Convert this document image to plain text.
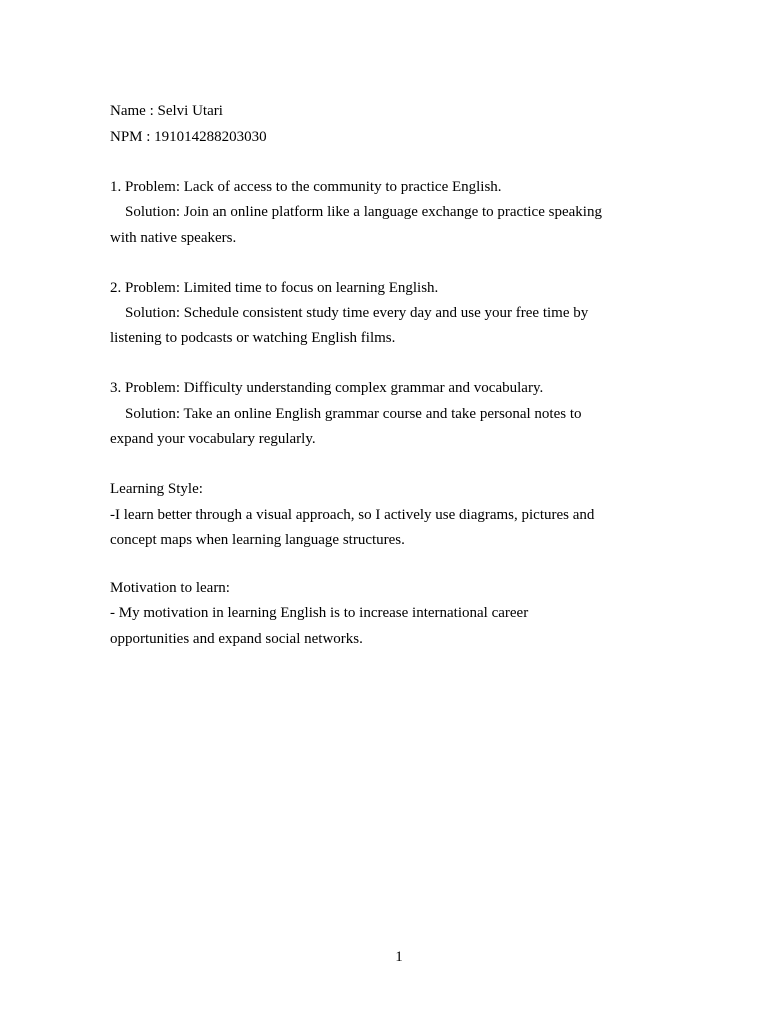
Name : Selvi Utari
NPM : 191014288203030
1. Problem: Lack of access to the community to practice English.
Solution: Join an online platform like a language exchange to practice speaking
with native speakers.
2. Problem: Limited time to focus on learning English.
Solution: Schedule consistent study time every day and use your free time by
listening to podcasts or watching English films.
3. Problem: Difficulty understanding complex grammar and vocabulary.
Solution: Take an online English grammar course and take personal notes to
expand your vocabulary regularly.
Learning Style:
-I learn better through a visual approach, so I actively use diagrams, pictures and
concept maps when learning language structures.
Motivation to learn:
- My motivation in learning English is to increase international career
opportunities and expand social networks.
1
